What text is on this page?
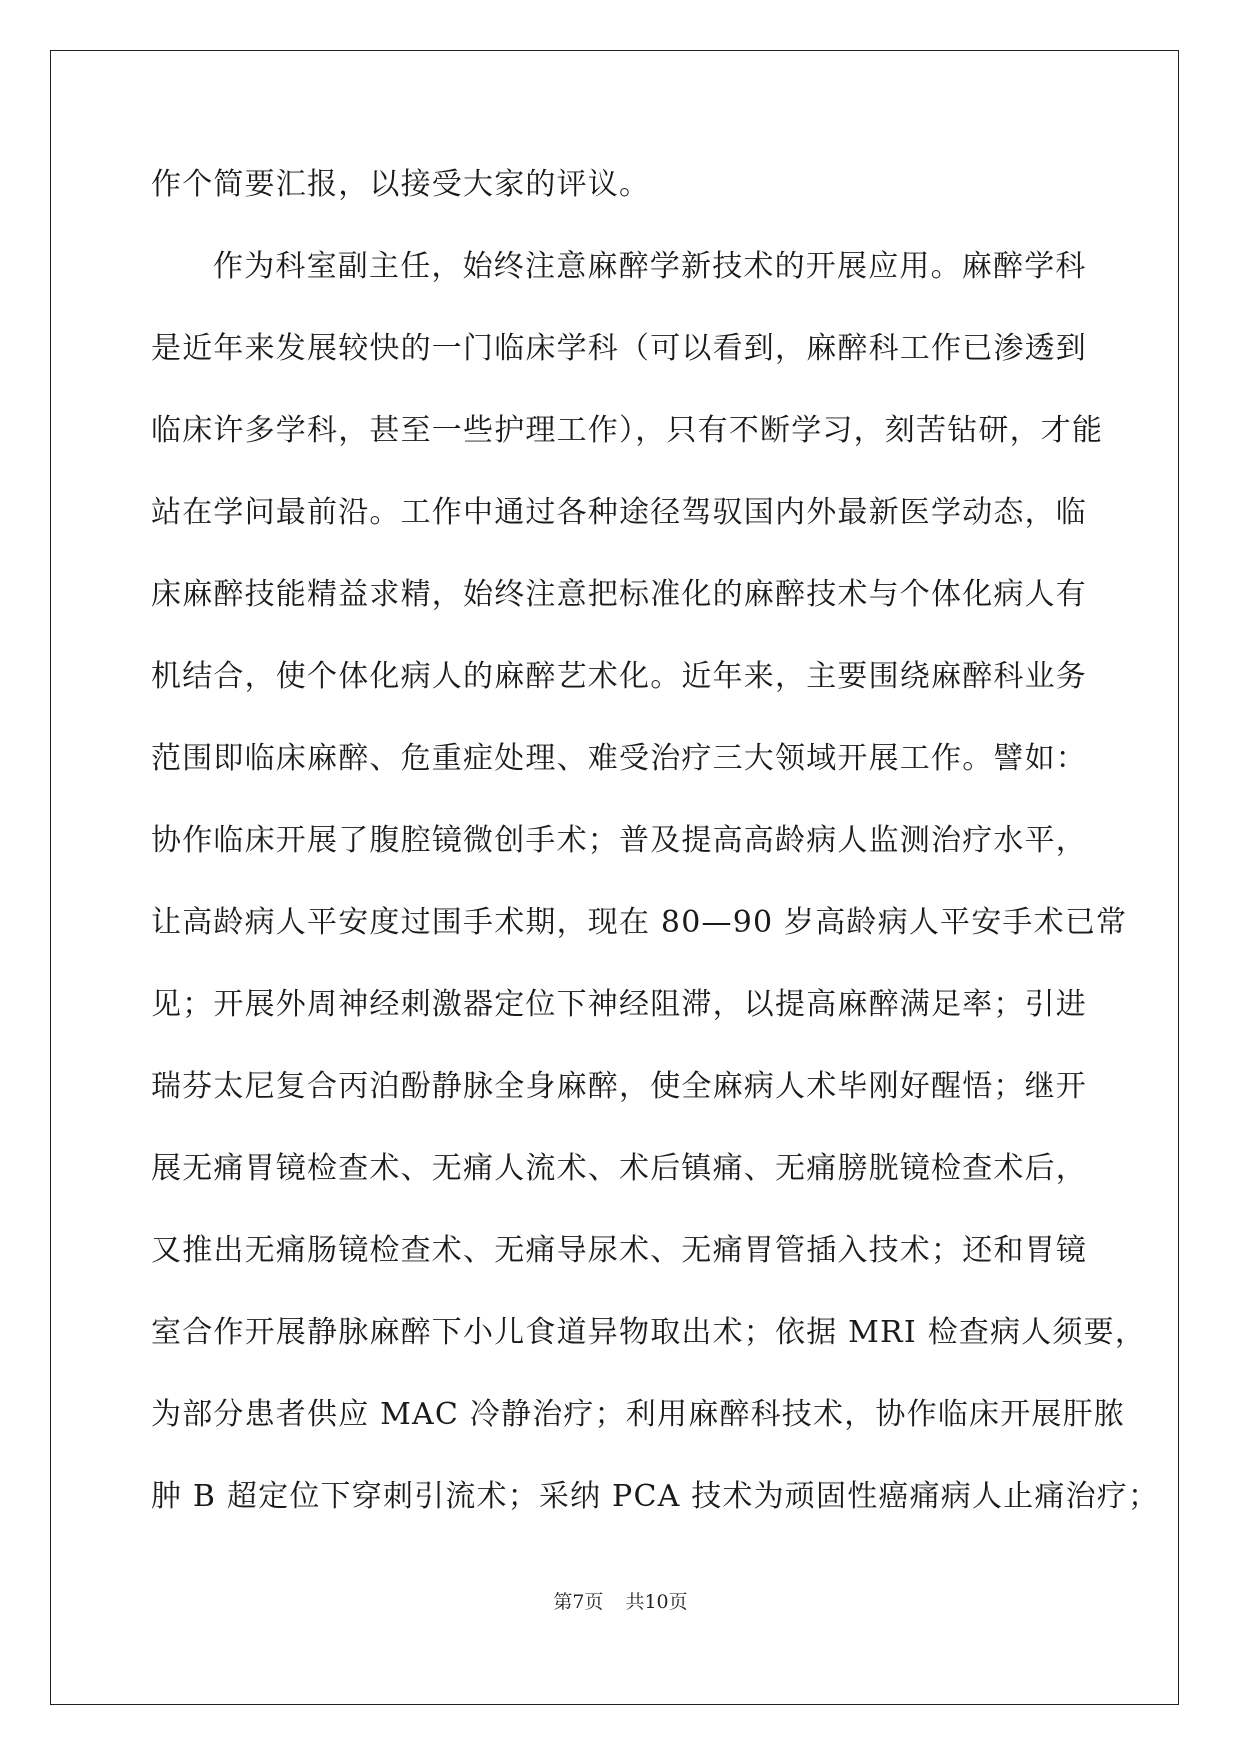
作个简要汇报，以接受大家的评议。
作为科室副主任，始终注意麻醉学新技术的开展应用。麻醉学科
是近年来发展较快的一门临床学科（可以看到，麻醉科工作已渗透到
临床许多学科，甚至一些护理工作），只有不断学习，刻苦钻研，才能
站在学问最前沿。工作中通过各种途径驾驭国内外最新医学动态，临
床麻醉技能精益求精，始终注意把标准化的麻醉技术与个体化病人有
机结合，使个体化病人的麻醉艺术化。近年来，主要围绕麻醉科业务
范围即临床麻醉、危重症处理、难受治疗三大领域开展工作。譬如：
协作临床开展了腹腔镜微创手术；普及提高高龄病人监测治疗水平，
让高龄病人平安度过围手术期，现在 80—90 岁高龄病人平安手术已常
见；开展外周神经刺激器定位下神经阻滞，以提高麻醉满足率；引进
瑞芬太尼复合丙泊酚静脉全身麻醉，使全麻病人术毕刚好醒悟；继开
展无痛胃镜检查术、无痛人流术、术后镇痛、无痛膀胱镜检查术后，
又推出无痛肠镜检查术、无痛导尿术、无痛胃管插入技术；还和胃镜
室合作开展静脉麻醉下小儿食道异物取出术；依据 MRI 检查病人须要，
为部分患者供应 MAC 冷静治疗；利用麻醉科技术，协作临床开展肝脓
肿 B 超定位下穿刺引流术；采纳 PCA 技术为顽固性癌痛病人止痛治疗；
第7页 共10页
